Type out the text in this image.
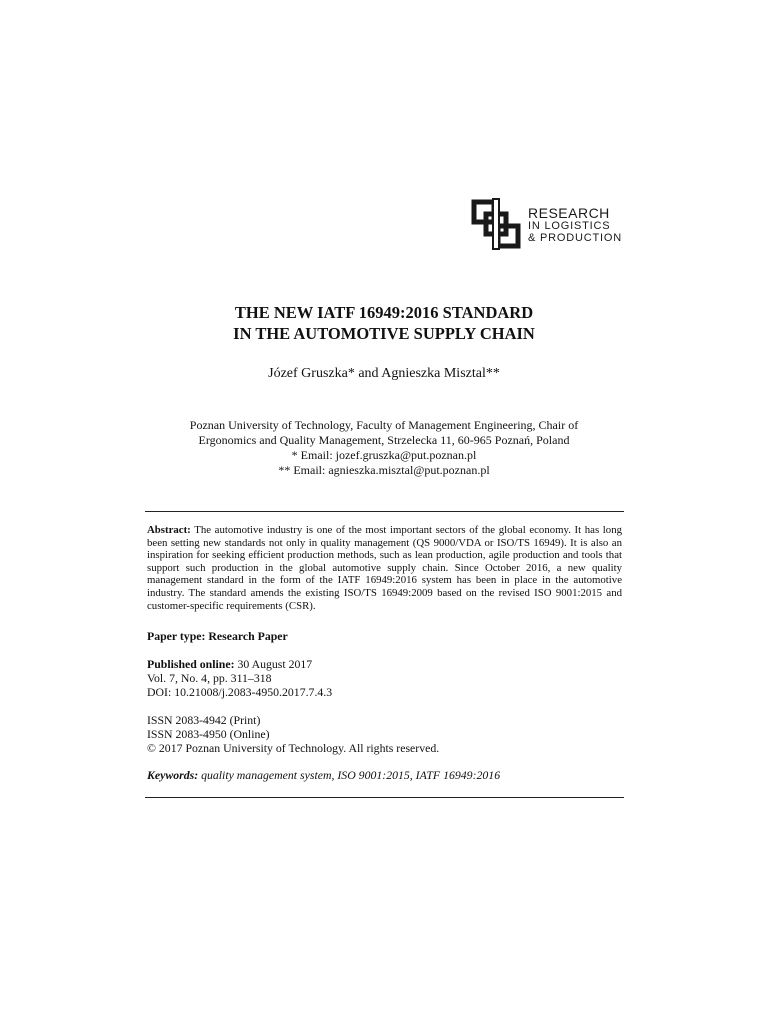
RESEARCH
IN LOGISTICS
& PRODUCTION
THE NEW IATF 16949:2016 STANDARD
IN THE AUTOMOTIVE SUPPLY CHAIN
Józef Gruszka* and Agnieszka Misztal**
Poznan University of Technology, Faculty of Management Engineering, Chair of
Ergonomics and Quality Management, Strzelecka 11, 60-965 Poznań, Poland
* Email: jozef.gruszka@put.poznan.pl
** Email: agnieszka.misztal@put.poznan.pl
Abstract: The automotive industry is one of the most important sectors of the global economy. It has long been setting new standards not only in quality management (QS 9000/VDA or ISO/TS 16949). It is also an inspiration for seeking efficient production methods, such as lean production, agile production and tools that support such production in the global automotive supply chain. Since October 2016, a new quality management standard in the form of the IATF 16949:2016 system has been in place in the automotive industry. The standard amends the existing ISO/TS 16949:2009 based on the revised ISO 9001:2015 and customer-specific requirements (CSR).
Paper type: Research Paper
Published online: 30 August 2017
Vol. 7, No. 4, pp. 311–318
DOI: 10.21008/j.2083-4950.2017.7.4.3
ISSN 2083-4942 (Print)
ISSN 2083-4950 (Online)
© 2017 Poznan University of Technology. All rights reserved.
Keywords: quality management system, ISO 9001:2015, IATF 16949:2016
